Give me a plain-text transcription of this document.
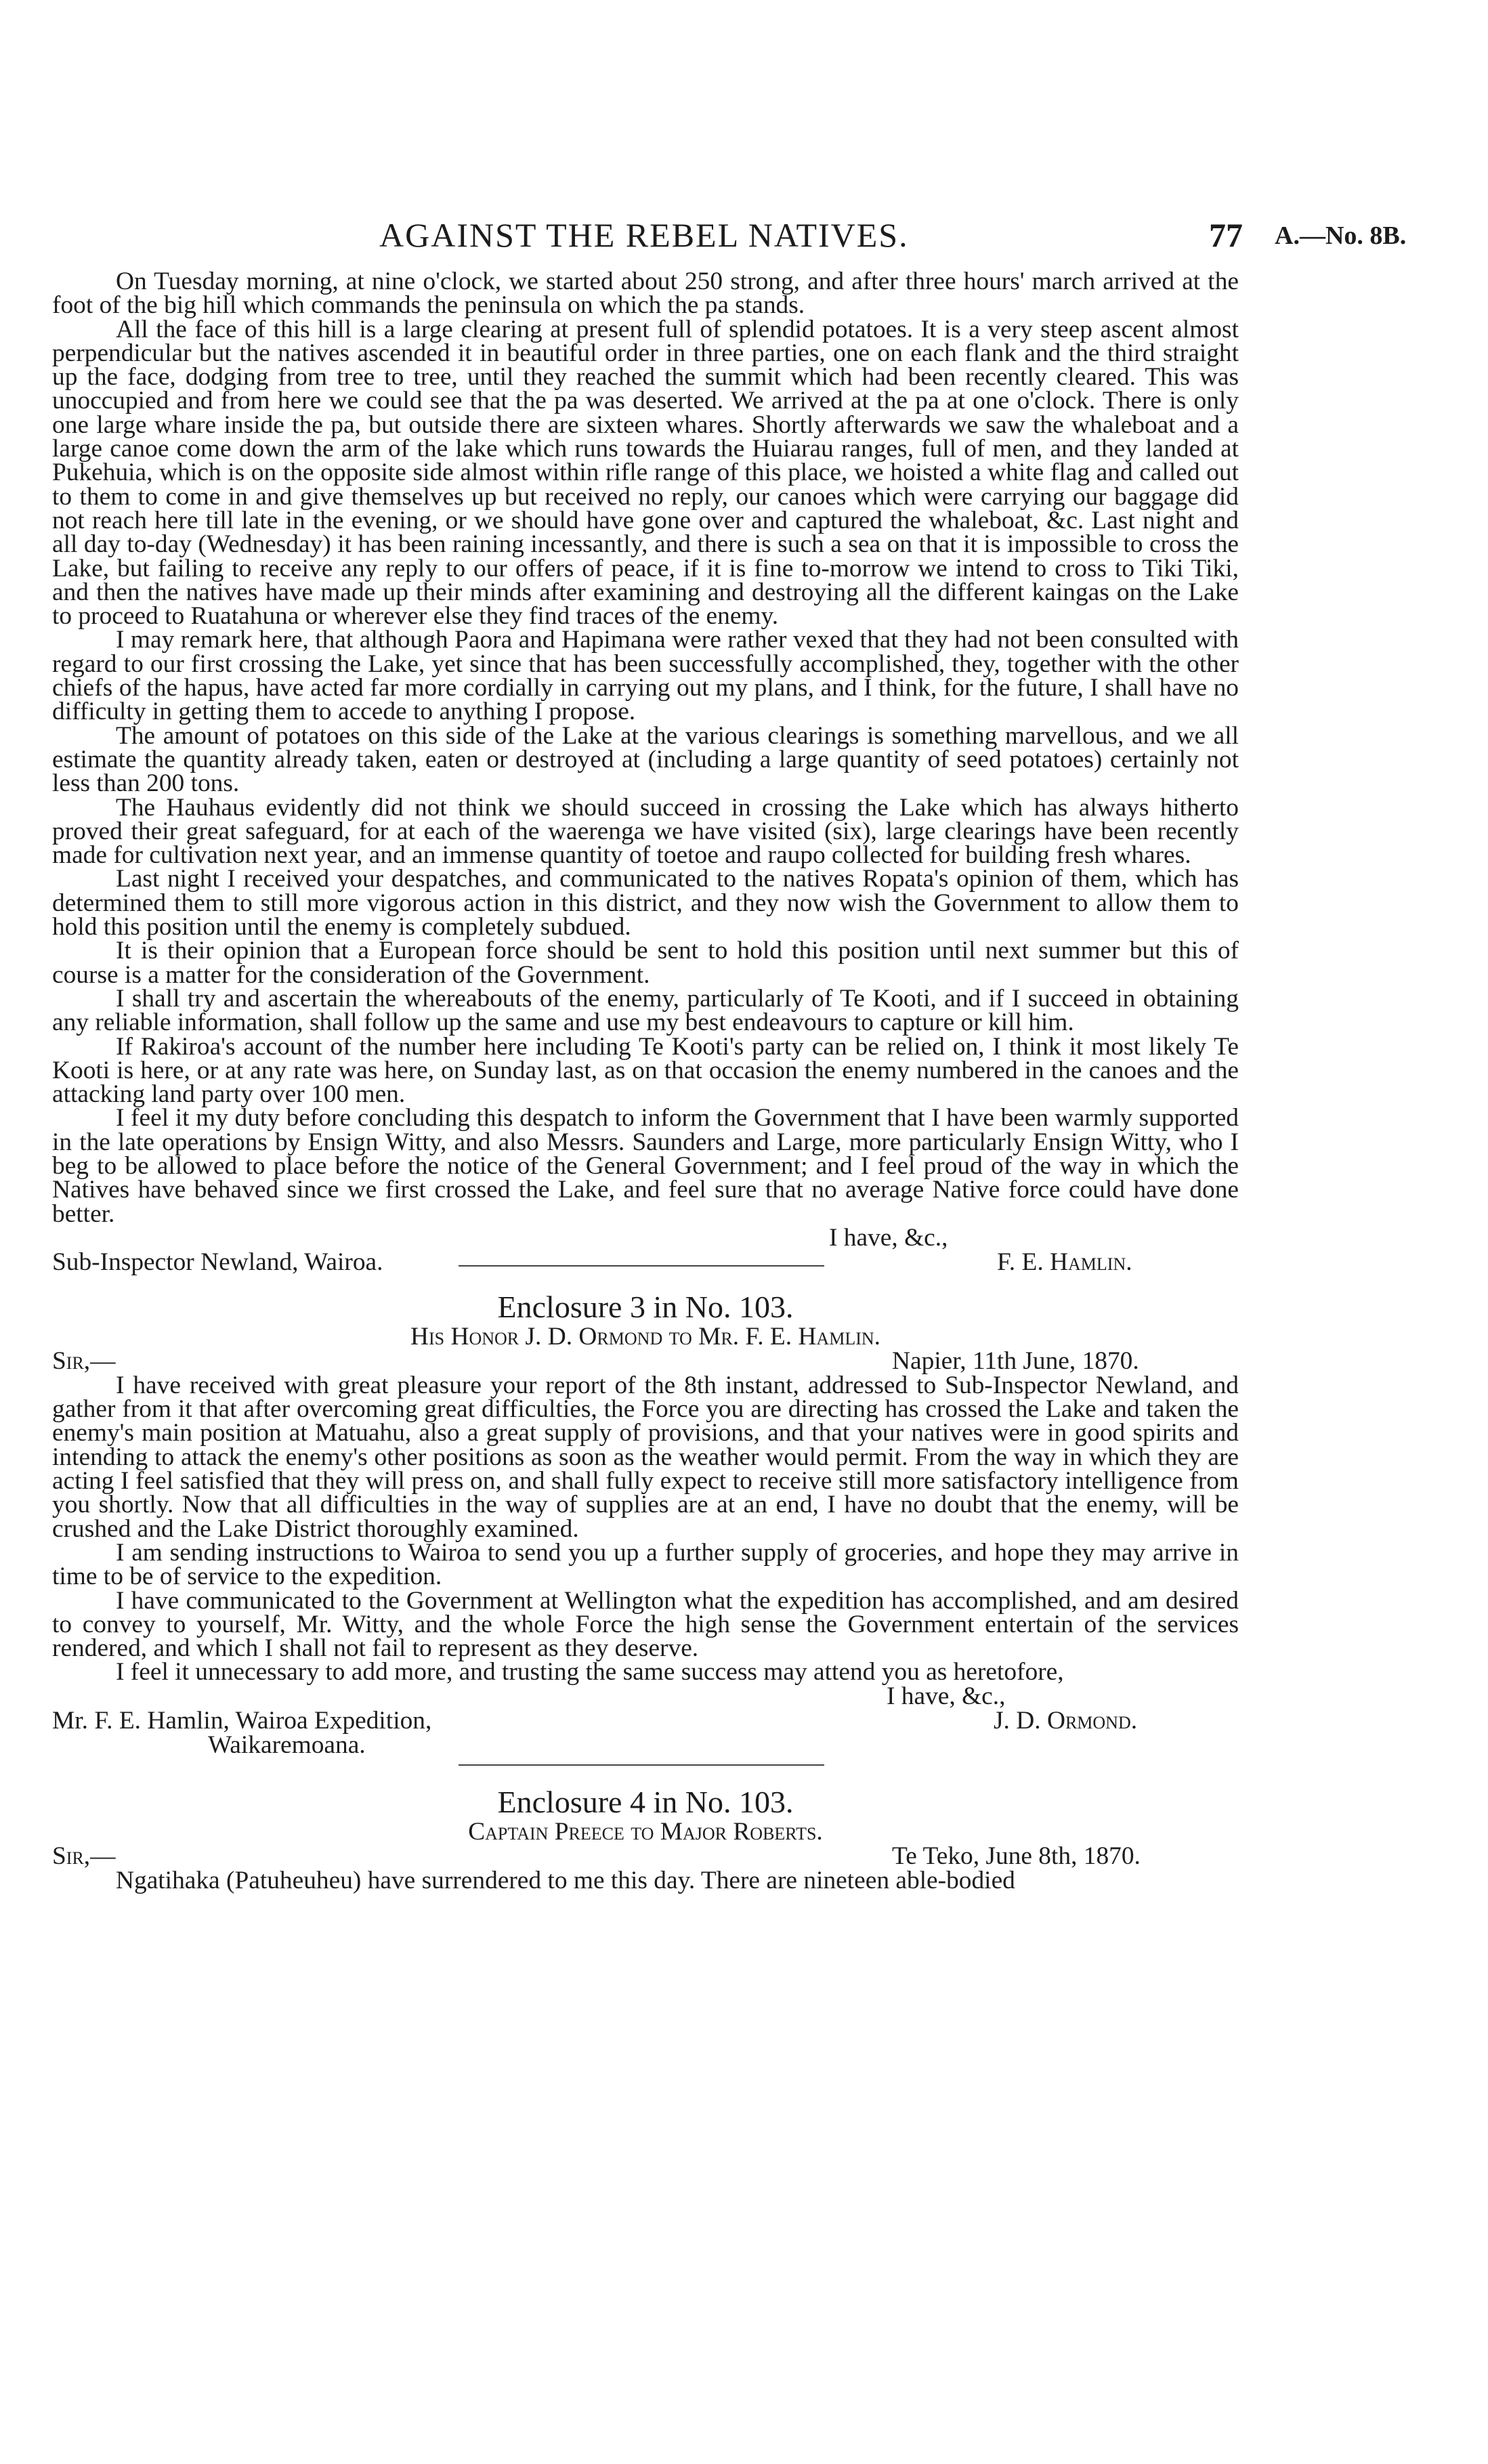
AGAINST THE REBEL NATIVES.	77 A.—No. 8B.

On Tuesday morning, at nine o'clock, we started about 250 strong, and after three hours' march arrived at the foot of the big hill which commands the peninsula on which the pa stands.

All the face of this hill is a large clearing at present full of splendid potatoes. It is a very steep ascent almost perpendicular but the natives ascended it in beautiful order in three parties, one on each flank and the third straight up the face, dodging from tree to tree, until they reached the summit which had been recently cleared. This was unoccupied and from here we could see that the pa was deserted. We arrived at the pa at one o'clock. There is only one large whare inside the pa, but outside there are sixteen whares. Shortly afterwards we saw the whaleboat and a large canoe come down the arm of the lake which runs towards the Huiarau ranges, full of men, and they landed at Pukehuia, which is on the opposite side almost within rifle range of this place, we hoisted a white flag and called out to them to come in and give themselves up but received no reply, our canoes which were carrying our baggage did not reach here till late in the evening, or we should have gone over and captured the whaleboat, &c. Last night and all day to-day (Wednesday) it has been raining incessantly, and there is such a sea on that it is impossible to cross the Lake, but failing to receive any reply to our offers of peace, if it is fine to-morrow we intend to cross to Tiki Tiki, and then the natives have made up their minds after examining and destroying all the different kaingas on the Lake to proceed to Ruatahuna or wherever else they find traces of the enemy.

I may remark here, that although Paora and Hapimana were rather vexed that they had not been consulted with regard to our first crossing the Lake, yet since that has been successfully accomplished, they, together with the other chiefs of the hapus, have acted far more cordially in carrying out my plans, and I think, for the future, I shall have no difficulty in getting them to accede to anything I propose.

The amount of potatoes on this side of the Lake at the various clearings is something marvellous, and we all estimate the quantity already taken, eaten or destroyed at (including a large quantity of seed potatoes) certainly not less than 200 tons.

The Hauhaus evidently did not think we should succeed in crossing the Lake which has always hitherto proved their great safeguard, for at each of the waerenga we have visited (six), large clearings have been recently made for cultivation next year, and an immense quantity of toetoe and raupo collected for building fresh whares.

Last night I received your despatches, and communicated to the natives Ropata's opinion of them, which has determined them to still more vigorous action in this district, and they now wish the Government to allow them to hold this position until the enemy is completely subdued.

It is their opinion that a European force should be sent to hold this position until next summer but this of course is a matter for the consideration of the Government.

I shall try and ascertain the whereabouts of the enemy, particularly of Te Kooti, and if I succeed in obtaining any reliable information, shall follow up the same and use my best endeavours to capture or kill him.

If Rakiroa's account of the number here including Te Kooti's party can be relied on, I think it most likely Te Kooti is here, or at any rate was here, on Sunday last, as on that occasion the enemy numbered in the canoes and the attacking land party over 100 men.

I feel it my duty before concluding this despatch to inform the Government that I have been warmly supported in the late operations by Ensign Witty, and also Messrs. Saunders and Large, more particularly Ensign Witty, who I beg to be allowed to place before the notice of the General Government; and I feel proud of the way in which the Natives have behaved since we first crossed the Lake, and feel sure that no average Native force could have done better.

I have, &c.,
Sub-Inspector Newland, Wairoa.	F. E. Hamlin.
Enclosure 3 in No. 103.
His Honor J. D. Ormond to Mr. F. E. Hamlin.
Sir,—	Napier, 11th June, 1870.

I have received with great pleasure your report of the 8th instant, addressed to Sub-Inspector Newland, and gather from it that after overcoming great difficulties, the Force you are directing has crossed the Lake and taken the enemy's main position at Matuahu, also a great supply of provisions, and that your natives were in good spirits and intending to attack the enemy's other positions as soon as the weather would permit. From the way in which they are acting I feel satisfied that they will press on, and shall fully expect to receive still more satisfactory intelligence from you shortly. Now that all difficulties in the way of supplies are at an end, I have no doubt that the enemy, will be crushed and the Lake District thoroughly examined.

I am sending instructions to Wairoa to send you up a further supply of groceries, and hope they may arrive in time to be of service to the expedition.

I have communicated to the Government at Wellington what the expedition has accomplished, and am desired to convey to yourself, Mr. Witty, and the whole Force the high sense the Government entertain of the services rendered, and which I shall not fail to represent as they deserve.

I feel it unnecessary to add more, and trusting the same success may attend you as heretofore,

I have, &c.,
Mr. F. E. Hamlin, Wairoa Expedition,
Waikaremoana.
J. D. Ormond.
Enclosure 4 in No. 103.
Captain Preece to Major Roberts.
Sir,—	Te Teko, June 8th, 1870.

Ngatihaka (Patuheuheu) have surrendered to me this day. There are nineteen able-bodied
